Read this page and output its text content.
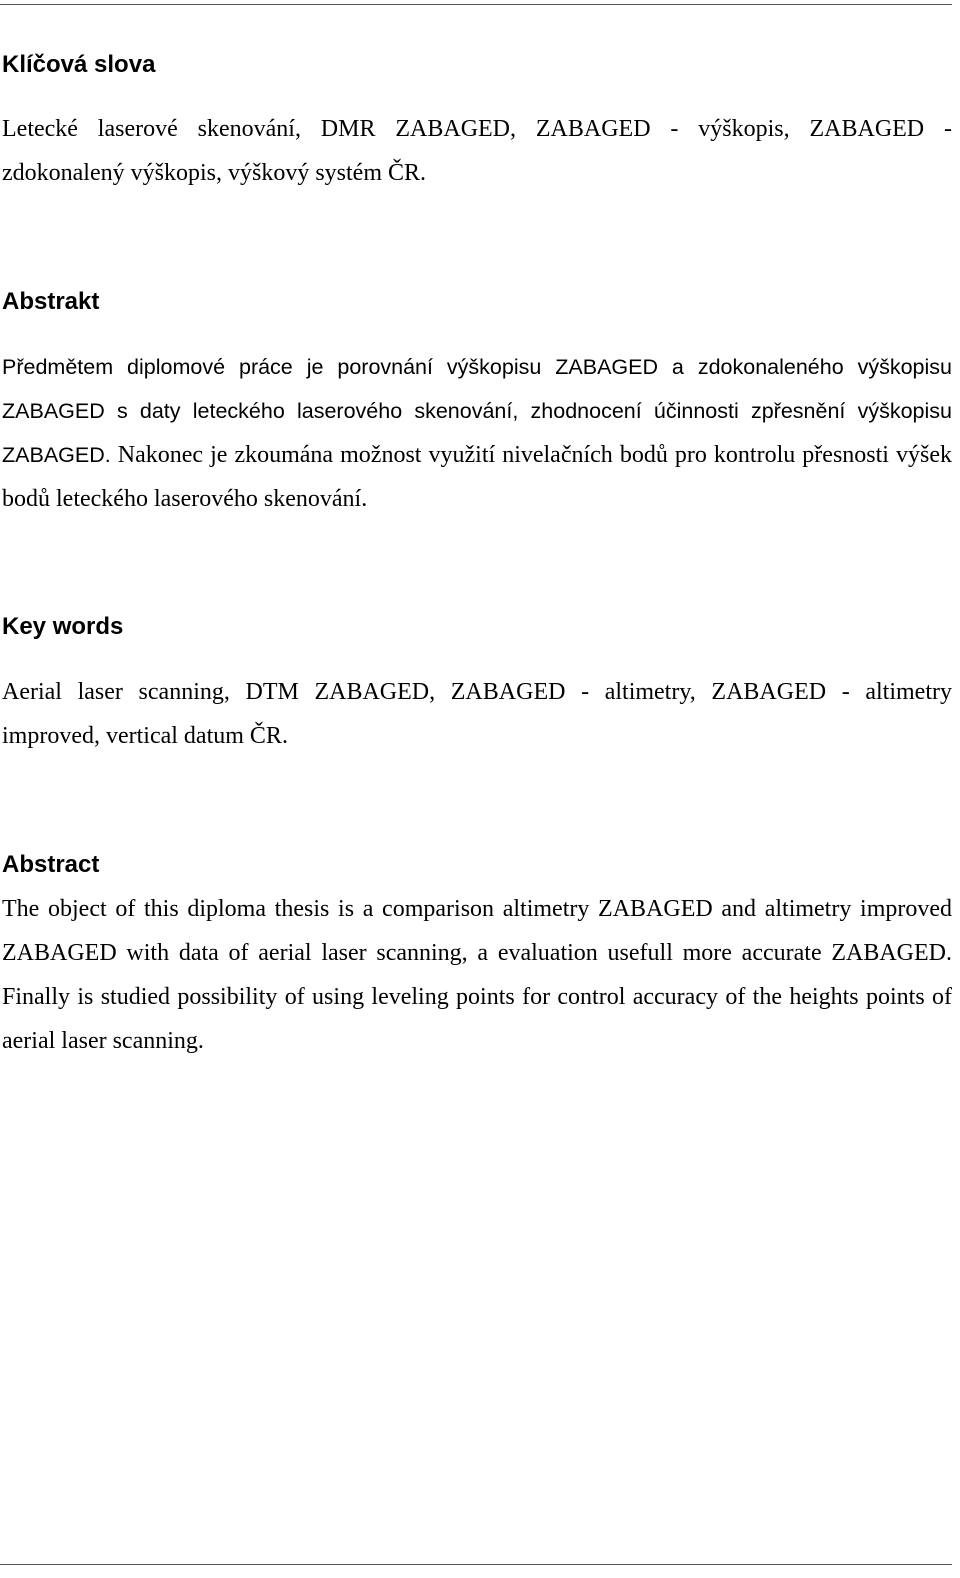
Klíčová slova

Letecké laserové skenování, DMR ZABAGED, ZABAGED - výškopis, ZABAGED - zdokonalený výškopis, výškový systém ČR.

Abstrakt

Předmětem diplomové práce je porovnání výškopisu ZABAGED a zdokonaleného výškopisu ZABAGED s daty leteckého laserového skenování, zhodnocení účinnosti zpřesnění výškopisu ZABAGED. Nakonec je zkoumána možnost využití nivelačních bodů pro kontrolu přesnosti výšek bodů leteckého laserového skenování.

Key words

Aerial laser scanning, DTM ZABAGED, ZABAGED - altimetry, ZABAGED - altimetry improved, vertical datum ČR.

Abstract

The object of this diploma thesis is a comparison altimetry ZABAGED and altimetry improved ZABAGED with data of aerial laser scanning, a evaluation usefull more accurate ZABAGED. Finally is studied possibility of using leveling points for control accuracy of the heights points of aerial laser scanning.
